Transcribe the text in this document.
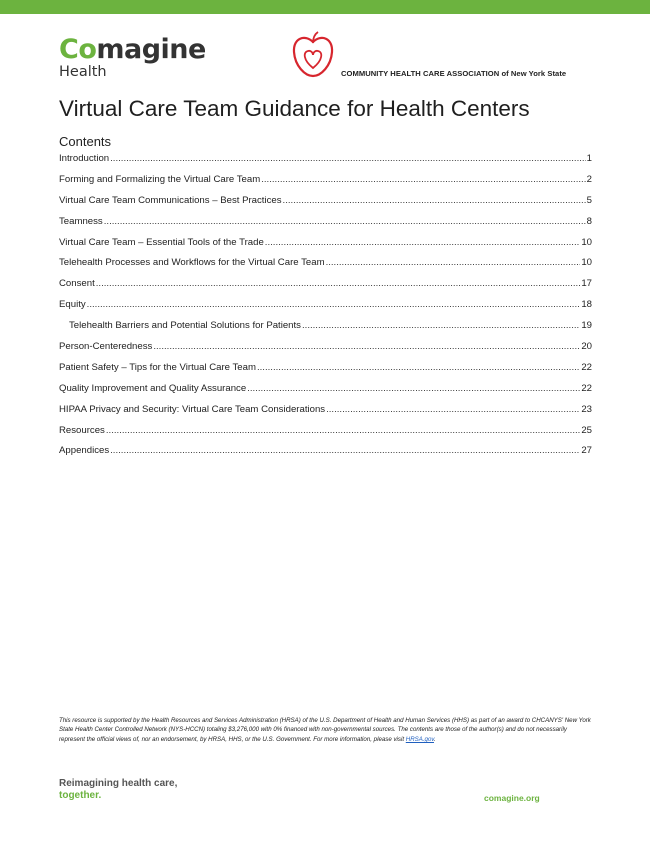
Comagine
Health	COMMUNITY HEALTH CARE ASSOCIATION of New York State
Virtual Care Team Guidance for Health Centers
Contents
Introduction .....	1
Forming and Formalizing the Virtual Care Team .....	2
Virtual Care Team Communications – Best Practices .....	5
Teamness .....	8
Virtual Care Team – Essential Tools of the Trade .....	10
Telehealth Processes and Workflows for the Virtual Care Team .....	10
Consent .....	17
Equity .....	18
Telehealth Barriers and Potential Solutions for Patients .....	19
Person-Centeredness .....	20
Patient Safety – Tips for the Virtual Care Team .....	22
Quality Improvement and Quality Assurance .....	22
HIPAA Privacy and Security: Virtual Care Team Considerations .....	23
Resources .....	25
Appendices .....	27
This resource is supported by the Health Resources and Services Administration (HRSA) of the U.S. Department of Health and Human Services (HHS) as part of an award to CHCANYS' New York State Health Center Controlled Network (NYS-HCCN) totaling $3,276,000 with 0% financed with non-governmental sources. The contents are those of the author(s) and do not necessarily represent the official views of, nor an endorsement, by HRSA, HHS, or the U.S. Government. For more information, please visit HRSA.gov.
Reimagining health care,
together.	comagine.org
